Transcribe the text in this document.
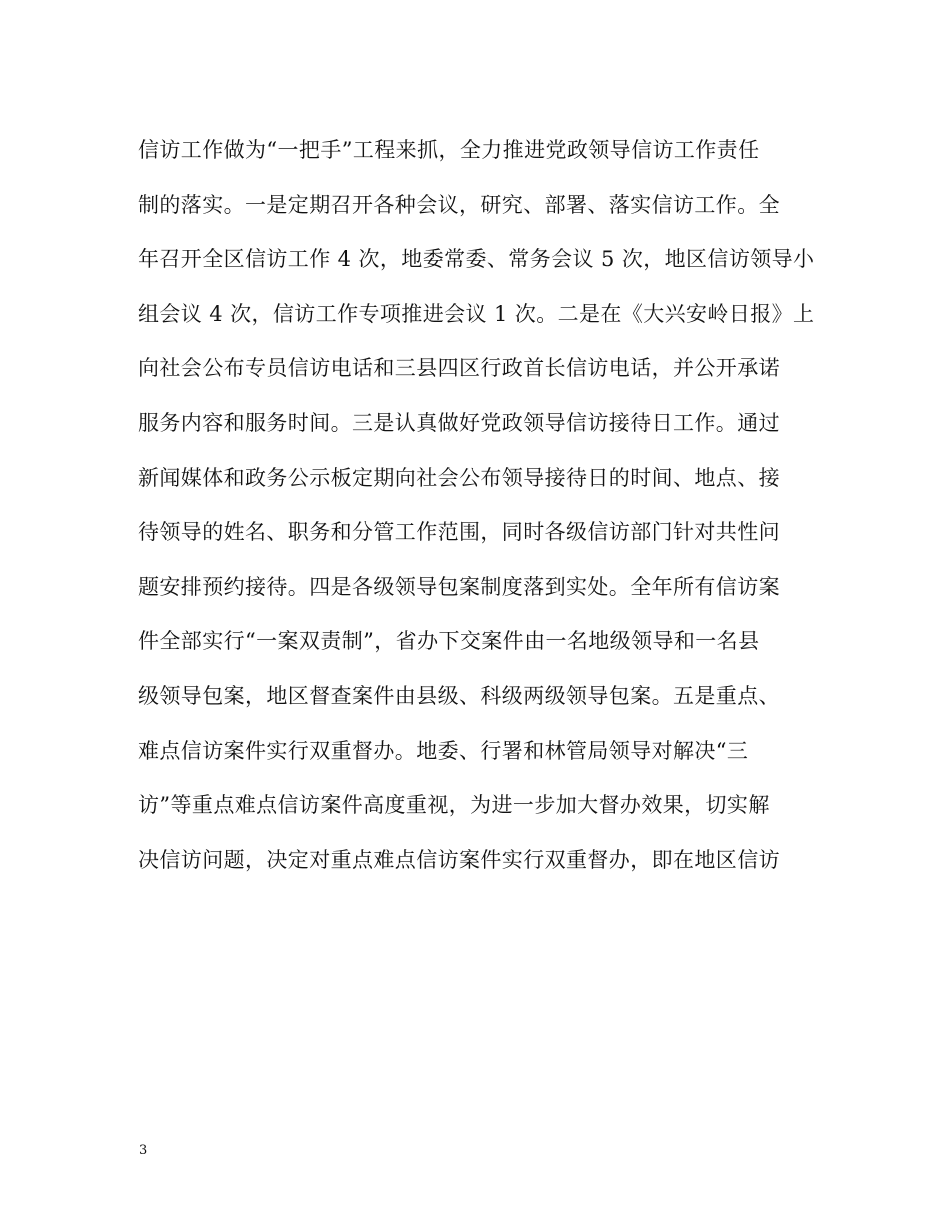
信访工作做为“一把手”工程来抓，全力推进党政领导信访工作责任
制的落实。一是定期召开各种会议，研究、部署、落实信访工作。全
年召开全区信访工作 4 次，地委常委、常务会议 5 次，地区信访领导小
组会议 4 次，信访工作专项推进会议 1 次。二是在《大兴安岭日报》上
向社会公布专员信访电话和三县四区行政首长信访电话，并公开承诺
服务内容和服务时间。三是认真做好党政领导信访接待日工作。通过
新闻媒体和政务公示板定期向社会公布领导接待日的时间、地点、接
待领导的姓名、职务和分管工作范围，同时各级信访部门针对共性问
题安排预约接待。四是各级领导包案制度落到实处。全年所有信访案
件全部实行“一案双责制”，省办下交案件由一名地级领导和一名县
级领导包案，地区督查案件由县级、科级两级领导包案。五是重点、
难点信访案件实行双重督办。地委、行署和林管局领导对解决“三
访”等重点难点信访案件高度重视，为进一步加大督办效果，切实解
决信访问题，决定对重点难点信访案件实行双重督办，即在地区信访
3
